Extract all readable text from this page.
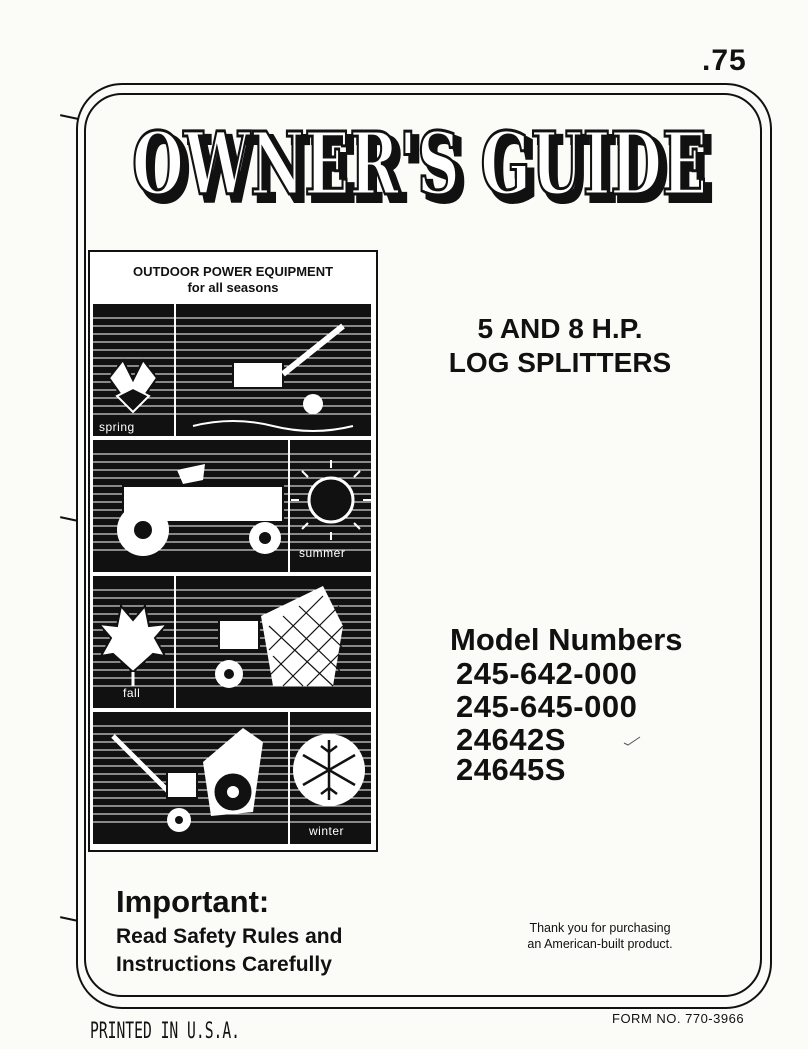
.75
OWNER'S GUIDE
OWNER'S GUIDE
OUTDOOR POWER EQUIPMENT
for all seasons
spring
summer
fall
winter
5 AND 8 H.P.
LOG SPLITTERS
Model Numbers
245-642-000
245-645-000
24642S
24645S
Important:
Read Safety Rules and
Instructions Carefully
Thank you for purchasing
an American-built product.
PRINTED IN U.S.A.
FORM NO. 770-3966
